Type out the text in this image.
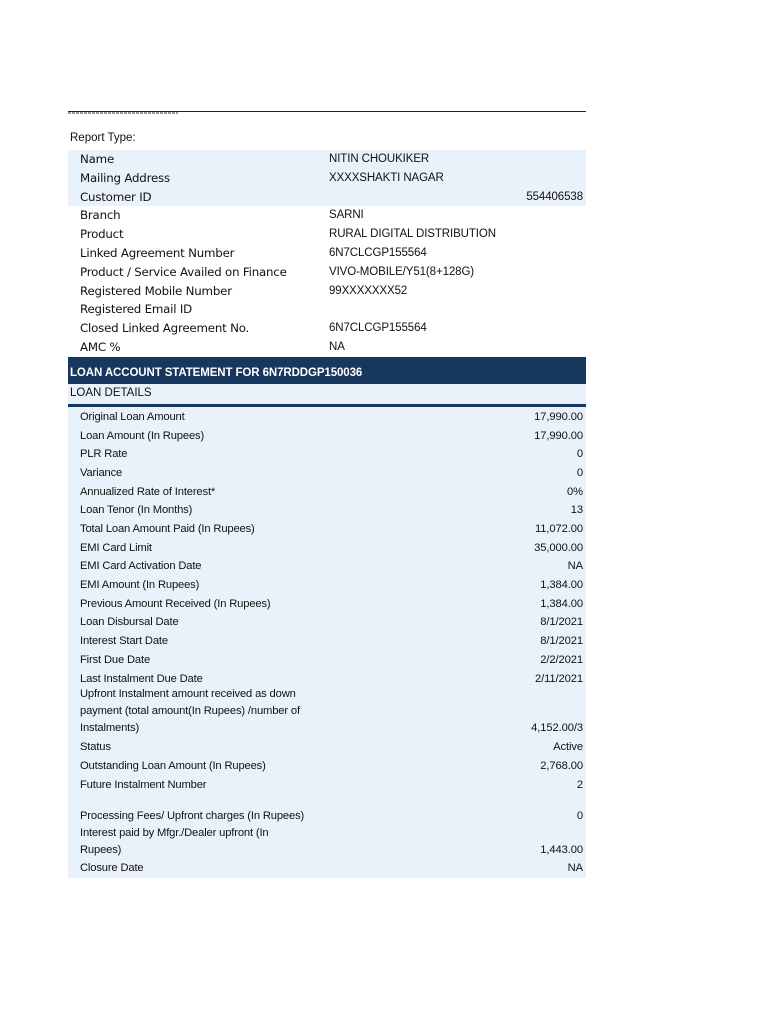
Report Type:
Name	NITIN CHOUKIKER
Mailing Address	XXXXSHAKTI NAGAR
Customer ID	554406538
Branch	SARNI
Product	RURAL DIGITAL DISTRIBUTION
Linked Agreement Number	6N7CLCGP155564
Product / Service Availed on Finance	VIVO-MOBILE/Y51(8+128G)
Registered Mobile Number	99XXXXXXX52
Registered Email ID
Closed Linked Agreement No.	6N7CLCGP155564
AMC %	NA
LOAN ACCOUNT STATEMENT FOR 6N7RDDGP150036
LOAN DETAILS
Original Loan Amount	17,990.00
Loan Amount (In Rupees)	17,990.00
PLR Rate	0
Variance	0
Annualized Rate of Interest*	0%
Loan Tenor (In Months)	13
Total Loan Amount Paid (In Rupees)	11,072.00
EMI Card Limit	35,000.00
EMI Card Activation Date	NA
EMI Amount (In Rupees)	1,384.00
Previous Amount Received (In Rupees)	1,384.00
Loan Disbursal Date	8/1/2021
Interest Start Date	8/1/2021
First Due Date	2/2/2021
Last Instalment Due Date	2/11/2021
Upfront Instalment amount received as down
payment (total amount(In Rupees) /number of
Instalments)	4,152.00/3
Status	Active
Outstanding Loan Amount (In Rupees)	2,768.00
Future Instalment Number	2
Processing Fees/ Upfront charges (In Rupees)	0
Interest paid by Mfgr./Dealer upfront (In
Rupees)	1,443.00
Closure Date	NA
